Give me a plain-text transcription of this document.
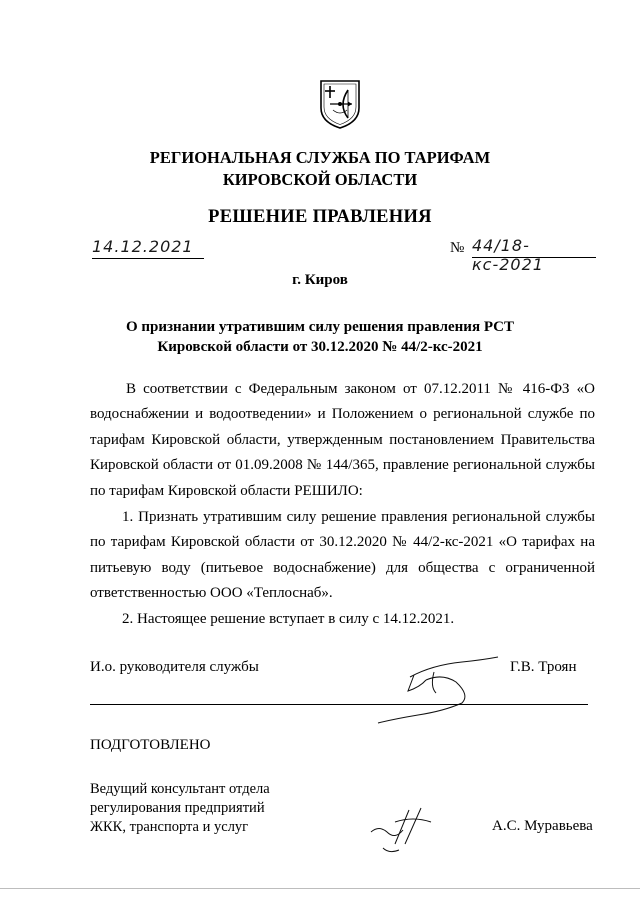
РЕГИОНАЛЬНАЯ СЛУЖБА ПО ТАРИФАМ
КИРОВСКОЙ ОБЛАСТИ
РЕШЕНИЕ ПРАВЛЕНИЯ
14.12.2021	№ 44/18-кс-2021
г. Киров
О признании утратившим силу решения правления РСТ
Кировской области от 30.12.2020 № 44/2-кс-2021
В соответствии с Федеральным законом от 07.12.2011 № 416-ФЗ «О водоснабжении и водоотведении» и Положением о региональной службе по тарифам Кировской области, утвержденным постановлением Правительства Кировской области от 01.09.2008 № 144/365, правление региональной службы по тарифам Кировской области РЕШИЛО:
1. Признать утратившим силу решение правления региональной службы по тарифам Кировской области от 30.12.2020 № 44/2-кс-2021 «О тарифах на питьевую воду (питьевое водоснабжение) для общества с ограниченной ответственностью ООО «Теплоснаб».
2. Настоящее решение вступает в силу с 14.12.2021.
И.о. руководителя службы	Г.В. Троян
ПОДГОТОВЛЕНО
Ведущий консультант отдела
регулирования предприятий
ЖКК, транспорта и услуг	А.С. Муравьева
